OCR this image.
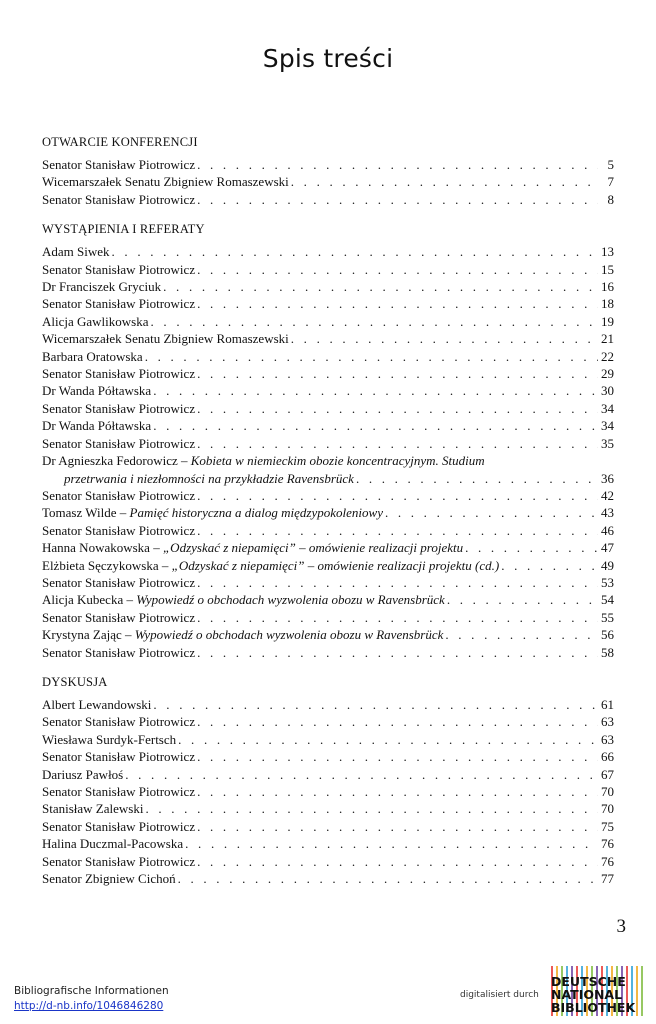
Spis treści
OTWARCIE KONFERENCJI
Senator Stanisław Piotrowicz . . .	5
Wicemarszałek Senatu Zbigniew Romaszewski . . .	7
Senator Stanisław Piotrowicz . . .	8
WYSTĄPIENIA I REFERATY
Adam Siwek . . .	13
Senator Stanisław Piotrowicz . . .	15
Dr Franciszek Gryciuk . . .	16
Senator Stanisław Piotrowicz . . .	18
Alicja Gawlikowska . . .	19
Wicemarszałek Senatu Zbigniew Romaszewski . . .	21
Barbara Oratowska . . .	22
Senator Stanisław Piotrowicz . . .	29
Dr Wanda Półtawska . . .	30
Senator Stanisław Piotrowicz . . .	34
Dr Wanda Półtawska . . .	34
Senator Stanisław Piotrowicz . . .	35
Dr Agnieszka Fedorowicz – Kobieta w niemieckim obozie koncentracyjnym. Studium
przetrwania i niezłomności na przykładzie Ravensbrück . . .	36
Senator Stanisław Piotrowicz . . .	42
Tomasz Wilde – Pamięć historyczna a dialog międzypokoleniowy . . .	43
Senator Stanisław Piotrowicz . . .	46
Hanna Nowakowska – „Odzyskać z niepamięci” – omówienie realizacji projektu . . .	47
Elżbieta Sęczykowska – „Odzyskać z niepamięci” – omówienie realizacji projektu (cd.) . . .	49
Senator Stanisław Piotrowicz . . .	53
Alicja Kubecka – Wypowiedź o obchodach wyzwolenia obozu w Ravensbrück . . .	54
Senator Stanisław Piotrowicz . . .	55
Krystyna Zając – Wypowiedź o obchodach wyzwolenia obozu w Ravensbrück . . .	56
Senator Stanisław Piotrowicz . . .	58
DYSKUSJA
Albert Lewandowski . . .	61
Senator Stanisław Piotrowicz . . .	63
Wiesława Surdyk-Fertsch . . .	63
Senator Stanisław Piotrowicz . . .	66
Dariusz Pawłoś . . .	67
Senator Stanisław Piotrowicz . . .	70
Stanisław Zalewski . . .	70
Senator Stanisław Piotrowicz . . .	75
Halina Duczmal-Pacowska . . .	76
Senator Stanisław Piotrowicz . . .	76
Senator Zbigniew Cichoń . . .	77
3
Bibliografische Informationen
http://d-nb.info/1046846280
digitalisiert durch
DEUTSCHE
NATIONAL
BIBLIOTHEK
